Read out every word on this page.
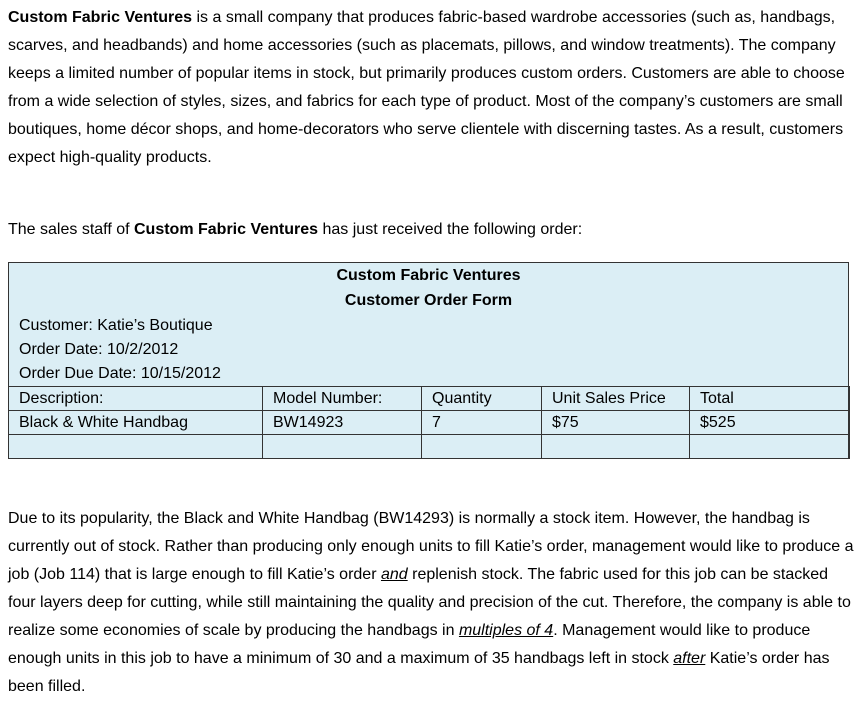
Custom Fabric Ventures is a small company that produces fabric-based wardrobe accessories (such as, handbags, scarves, and headbands) and home accessories (such as placemats, pillows, and window treatments). The company keeps a limited number of popular items in stock, but primarily produces custom orders. Customers are able to choose from a wide selection of styles, sizes, and fabrics for each type of product. Most of the company’s customers are small boutiques, home décor shops, and home-decorators who serve clientele with discerning tastes. As a result, customers expect high-quality products.

The sales staff of Custom Fabric Ventures has just received the following order:

Custom Fabric Ventures
Customer Order Form
Customer: Katie’s Boutique
Order Date: 10/2/2012
Order Due Date: 10/15/2012
Description:	Model Number:	Quantity	Unit Sales Price	Total
Black & White Handbag	BW14923	7	$75	$525

Due to its popularity, the Black and White Handbag (BW14293) is normally a stock item. However, the handbag is currently out of stock. Rather than producing only enough units to fill Katie’s order, management would like to produce a job (Job 114) that is large enough to fill Katie’s order and replenish stock. The fabric used for this job can be stacked four layers deep for cutting, while still maintaining the quality and precision of the cut. Therefore, the company is able to realize some economies of scale by producing the handbags in multiples of 4. Management would like to produce enough units in this job to have a minimum of 30 and a maximum of 35 handbags left in stock after Katie’s order has been filled.
